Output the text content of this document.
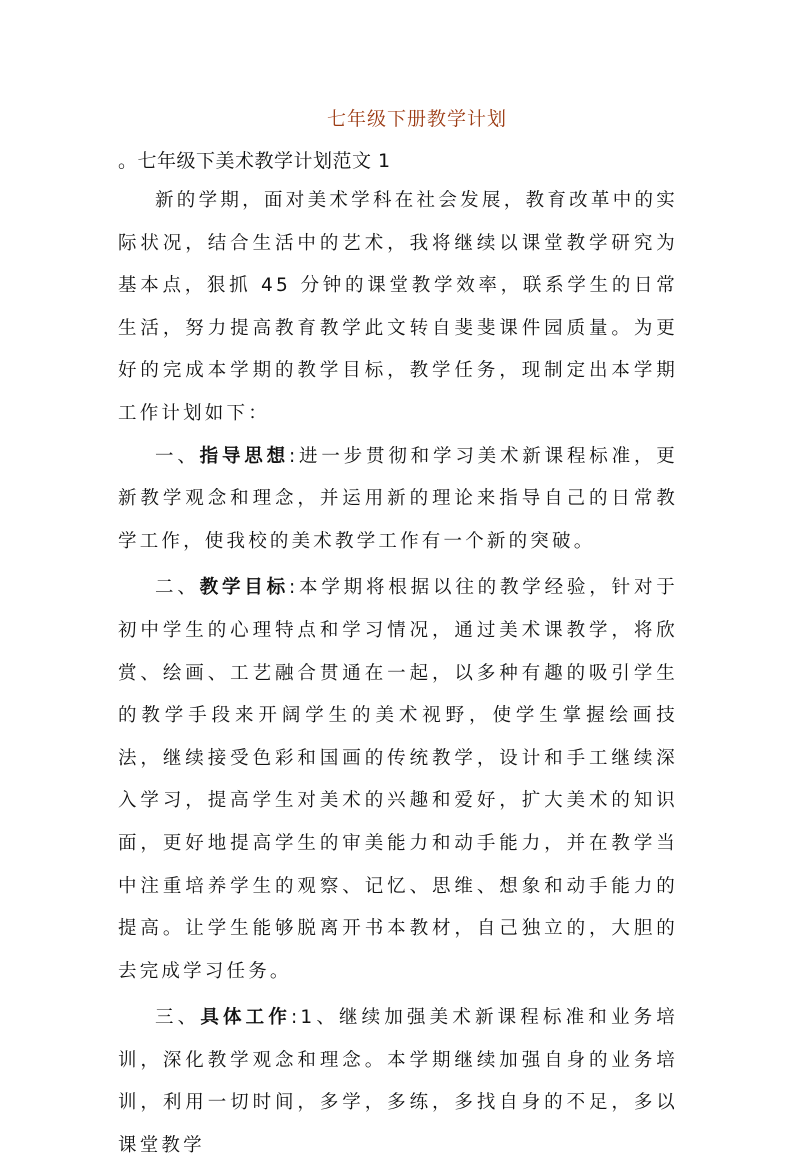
七年级下册教学计划
。七年级下美术教学计划范文 1

新的学期，面对美术学科在社会发展，教育改革中的实际状况，结合生活中的艺术，我将继续以课堂教学研究为基本点，狠抓 45 分钟的课堂教学效率，联系学生的日常生活，努力提高教育教学此文转自斐斐课件园质量。为更好的完成本学期的教学目标，教学任务，现制定出本学期工作计划如下：

一、指导思想:进一步贯彻和学习美术新课程标准，更新教学观念和理念，并运用新的理论来指导自己的日常教学工作，使我校的美术教学工作有一个新的突破。

二、教学目标:本学期将根据以往的教学经验，针对于初中学生的心理特点和学习情况，通过美术课教学，将欣赏、绘画、工艺融合贯通在一起，以多种有趣的吸引学生的教学手段来开阔学生的美术视野，使学生掌握绘画技法，继续接受色彩和国画的传统教学，设计和手工继续深入学习，提高学生对美术的兴趣和爱好，扩大美术的知识面，更好地提高学生的审美能力和动手能力，并在教学当中注重培养学生的观察、记忆、思维、想象和动手能力的提高。让学生能够脱离开书本教材，自己独立的，大胆的去完成学习任务。

三、具体工作:1、继续加强美术新课程标准和业务培训，深化教学观念和理念。本学期继续加强自身的业务培训，利用一切时间，多学，多练，多找自身的不足，多以课堂教学
